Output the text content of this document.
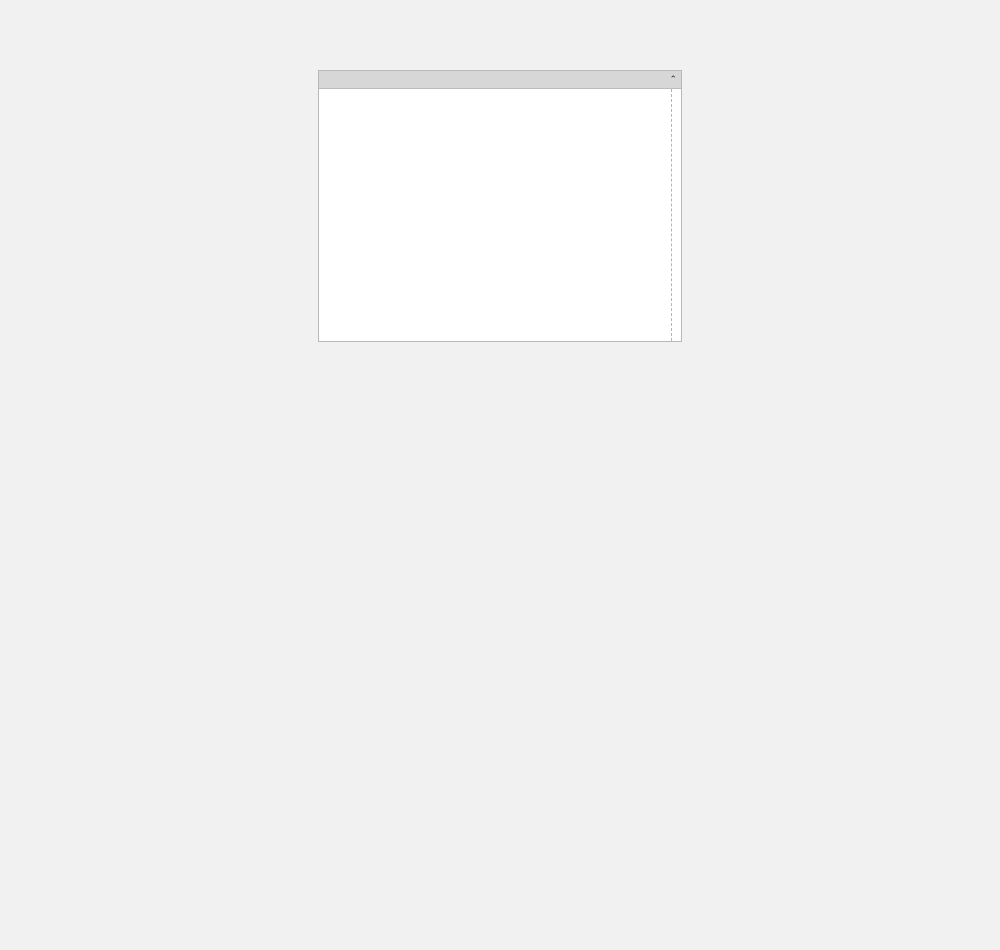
⌃
